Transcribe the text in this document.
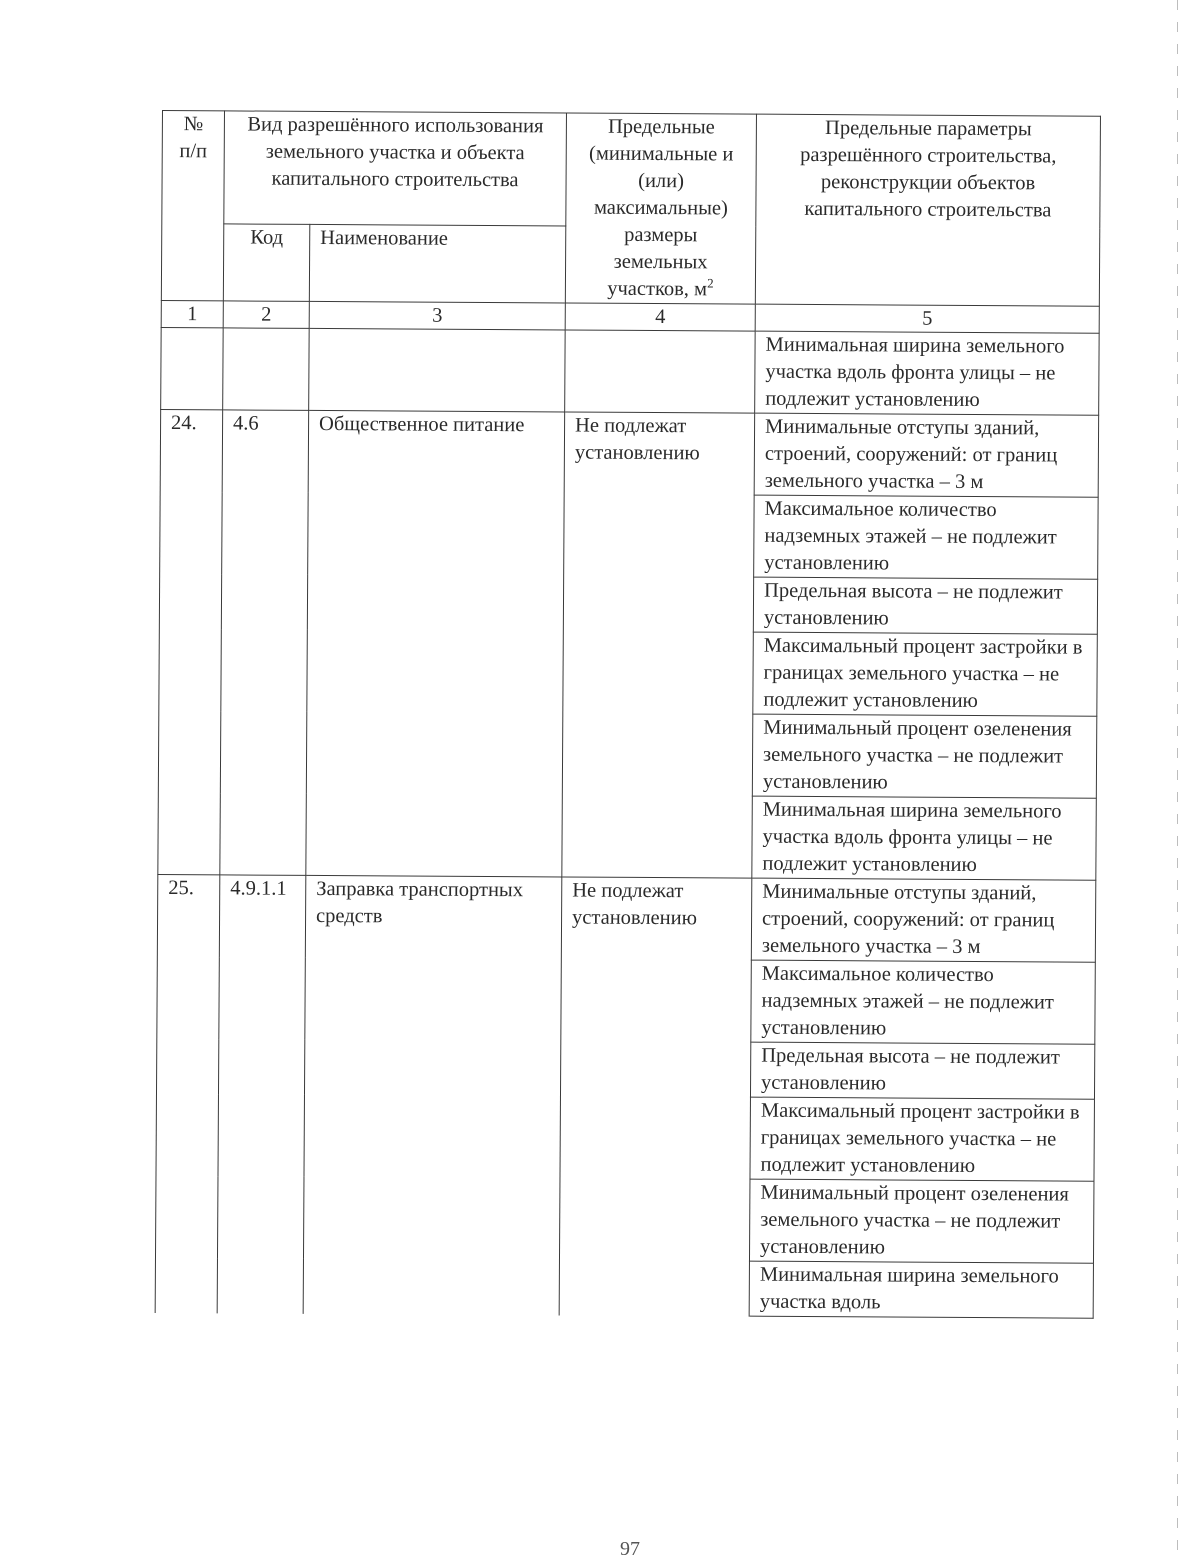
№ п/п	Вид разрешённого использования земельного участка и объекта капитального строительства		Предельные (минимальные и (или) максимальные) размеры земельных участков, $м^2$	Предельные параметры разрешённого строительства, реконструкции объектов капитального строительства
	Код	Наименование		
1	2	3	4	5
				Минимальная ширина земельного участка вдоль фронта улицы – не подлежит установлению
24.	4.6	Общественное питание	Не подлежат установлению	Минимальные отступы зданий, строений, сооружений: от границ земельного участка – 3 м
				Максимальное количество надземных этажей – не подлежит установлению
				Предельная высота – не подлежит установлению
				Максимальный процент застройки в границах земельного участка – не подлежит установлению
				Минимальный процент озеленения земельного участка – не подлежит установлению
				Минимальная ширина земельного участка вдоль фронта улицы – не подлежит установлению
25.	4.9.1.1	Заправка транспортных средств	Не подлежат установлению	Минимальные отступы зданий, строений, сооружений: от границ земельного участка – 3 м
				Максимальное количество надземных этажей – не подлежит установлению
				Предельная высота – не подлежит установлению
				Максимальный процент застройки в границах земельного участка – не подлежит установлению
				Минимальный процент озеленения земельного участка – не подлежит установлению
				Минимальная ширина земельного участка вдоль
97
